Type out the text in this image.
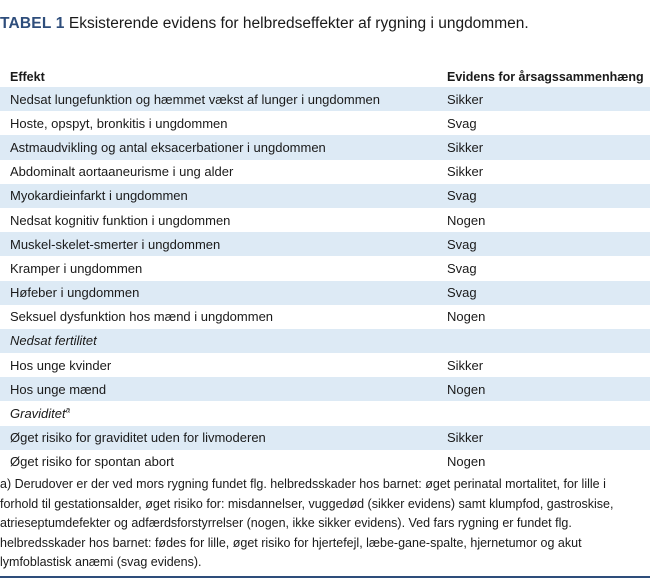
TABEL 1 Eksisterende evidens for helbredseffekter af rygning i ungdommen.
Effekt	Evidens for årsagssammenhæng
Nedsat lungefunktion og hæmmet vækst af lunger i ungdommen	Sikker
Hoste, opspyt, bronkitis i ungdommen	Svag
Astmaudvikling og antal eksacerbationer i ungdommen	Sikker
Abdominalt aortaaneurisme i ung alder	Sikker
Myokardieinfarkt i ungdommen	Svag
Nedsat kognitiv funktion i ungdommen	Nogen
Muskel-skelet-smerter i ungdommen	Svag
Kramper i ungdommen	Svag
Høfeber i ungdommen	Svag
Seksuel dysfunktion hos mænd i ungdommen	Nogen
Nedsat fertilitet	
Hos unge kvinder	Sikker
Hos unge mænd	Nogen
Graviditet$^a$
Øget risiko for graviditet uden for livmoderen	Sikker
Øget risiko for spontan abort	Nogen
a) Derudover er der ved mors rygning fundet flg. helbredsskader hos barnet: øget perinatal mortalitet, for lille i forhold til gestationsalder, øget risiko for: misdannelser, vuggedød (sikker evidens) samt klumpfod, gastroskise, atrieseptumdefekter og adfærdsforstyrrelser (nogen, ikke sikker evidens). Ved fars rygning er fundet flg. helbredsskader hos barnet: fødes for lille, øget risiko for hjertefejl, læbe-gane-spalte, hjernetumor og akut lymfoblastisk anæmi (svag evidens).
